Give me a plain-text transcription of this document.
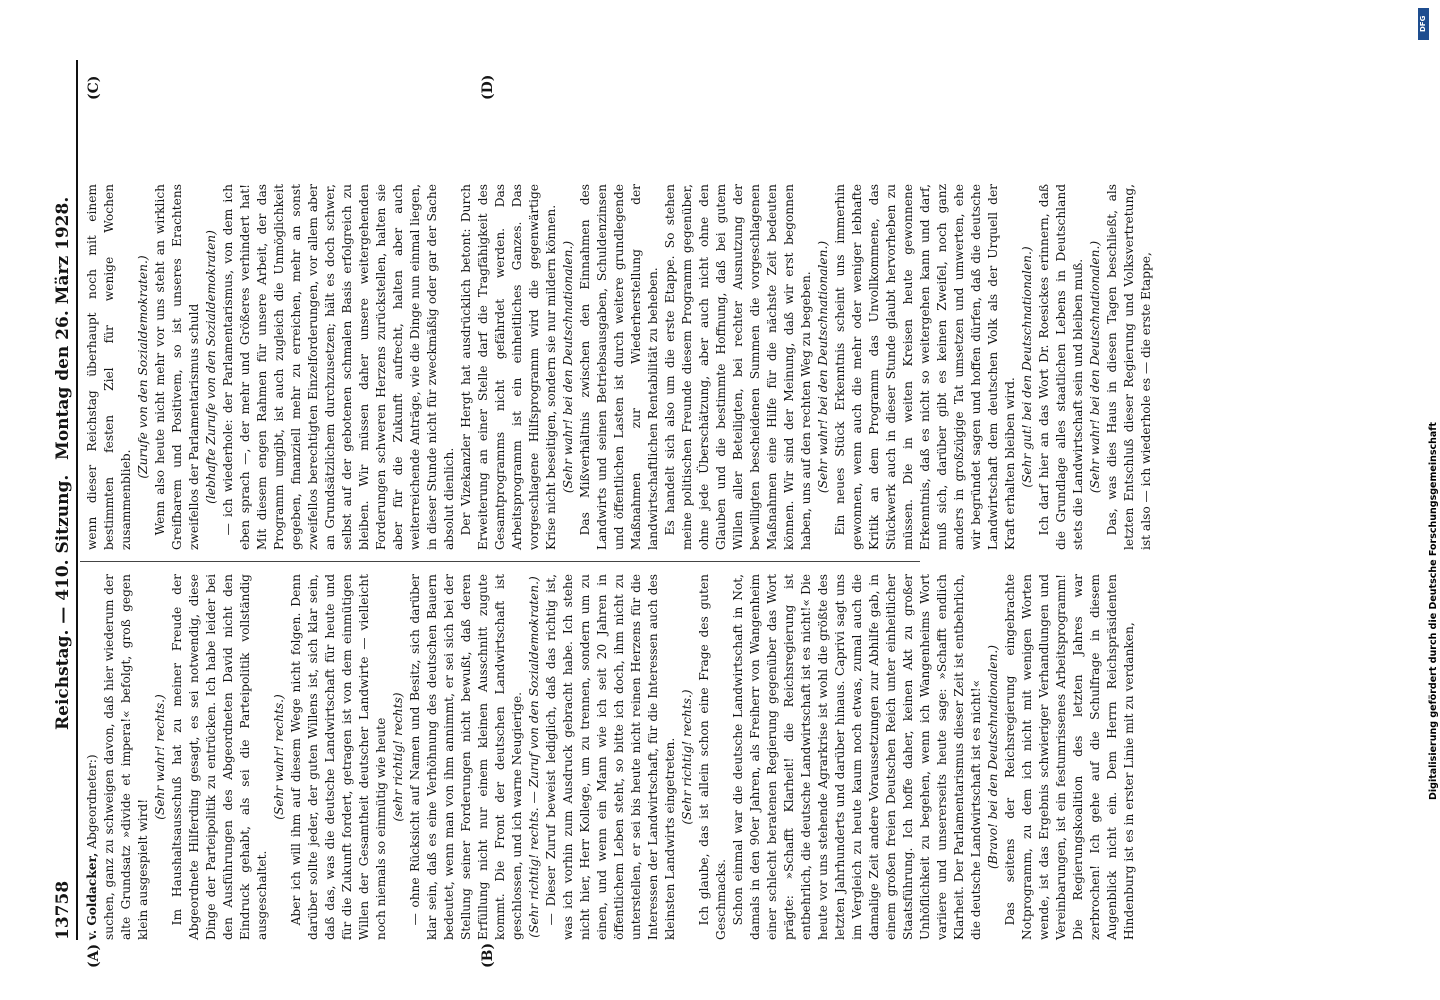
13758
Reichstag. — 410. Sitzung.
Montag den 26. März 1928.
(A)	(B)
(C)	(D)

v. Goldacker, Abgeordneter:) suchen, ganz zu schweigen davon, daß hier wiederum der alte Grundsatz »divide et impera!« befolgt, groß gegen klein ausgespielt wird!

(Sehr wahr! rechts.) Im Haushaltsausschuß hat zu meiner Freude der Abgeordnete Hilferding gesagt, es sei notwendig, diese Dinge der Parteipolitik zu entrücken. Ich habe leider bei den Ausführungen des Abgeordneten David nicht den Eindruck gehabt, als sei die Parteipolitik vollständig ausgeschaltet.

(Sehr wahr! rechts.) Aber ich will ihm auf diesem Wege nicht folgen. Denn darüber sollte jeder, der guten Willens ist, sich klar sein, daß das, was die deutsche Landwirtschaft für heute und für die Zukunft fordert, getragen ist von dem einmütigen Willen der Gesamtheit deutscher Landwirte — vielleicht noch niemals so einmütig wie heute (sehr richtig! rechts) — ohne Rücksicht auf Namen und Besitz, sich darüber klar sein, daß es eine Verhöhnung des deutschen Bauern bedeutet, wenn man von ihm annimmt, er sei sich bei der Stellung seiner Forderungen nicht bewußt, daß deren Erfüllung nicht nur einem kleinen Ausschnitt zugute kommt. Die Front der deutschen Landwirtschaft ist geschlossen, und ich warne Neugierige. (Sehr richtig! rechts. — Zuruf von den Sozialdemokraten.) — Dieser Zuruf beweist lediglich, daß das richtig ist, was ich vorhin zum Ausdruck gebracht habe. Ich stehe nicht hier, Herr Kollege, um zu trennen, sondern um zu einen, und wenn ein Mann wie ich seit 20 Jahren in öffentlichem Leben steht, so bitte ich doch, ihm nicht zu unterstellen, er sei bis heute nicht reinen Herzens für die Interessen der Landwirtschaft, für die Interessen auch des kleinsten Landwirts eingetreten. (Sehr richtig! rechts.) Ich glaube, das ist allein schon eine Frage des guten Geschmacks. Schon einmal war die deutsche Landwirtschaft in Not, damals in den 90er Jahren, als Freiherr von Wangenheim einer schlecht beratenen Regierung gegenüber das Wort prägte: »Schafft Klarheit! die Reichsregierung ist entbehrlich, die deutsche Landwirtschaft ist es nicht!« Die heute vor uns stehende Agrarkrise ist wohl die größte des letzten Jahrhunderts und darüber hinaus. Caprivi sagt uns im Vergleich zu heute kaum noch etwas, zumal auch die damalige Zeit andere Voraussetzungen zur Abhilfe gab, in einem großen freien Deutschen Reich unter einheitlicher Staatsführung. Ich hoffe daher, keinen Akt zu großer Unhöflichkeit zu begehen, wenn ich Wangenheims Wort variiere und unsererseits heute sage: »Schafft endlich Klarheit. Der Parlamentarismus dieser Zeit ist entbehrlich, die deutsche Landwirtschaft ist es nicht!« (Bravo! bei den Deutschnationalen.) Das seitens der Reichsregierung eingebrachte Notprogramm, zu dem ich nicht mit wenigen Worten wende, ist das Ergebnis schwieriger Verhandlungen und Vereinbarungen, ist ein festumrissenes Arbeitsprogramm! Die Regierungskoalition des letzten Jahres war zerbrochen! Ich gehe auf die Schulfrage in diesem Augenblick nicht ein. Dem Herrn Reichspräsidenten Hindenburg ist es in erster Linie mit zu verdanken,

wenn dieser Reichstag überhaupt noch mit einem bestimmten festen Ziel für wenige Wochen zusammenblieb.

(Zurufe von den Sozialdemokraten.) Wenn also heute nicht mehr vor uns steht an wirklich Greifbarem und Positivem, so ist unseres Erachtens zweifellos der Parlamentarismus schuld (lebhafte Zurufe von den Sozialdemokraten) — ich wiederhole: der Parlamentarismus, von dem ich eben sprach —, der mehr und Größeres verhindert hat! Mit diesem engen Rahmen für unsere Arbeit, der das Programm umgibt, ist auch zugleich die Unmöglichkeit gegeben, finanziell mehr zu erreichen, mehr an sonst zweifellos berechtigten Einzelforderungen, vor allem aber an Grundsätzlichem durchzusetzen; hält es doch schwer, selbst auf der gebotenen schmalen Basis erfolgreich zu bleiben. Wir müssen daher unsere weitergehenden Forderungen schweren Herzens zurückstellen, halten sie aber für die Zukunft aufrecht, halten aber auch weiterreichende Anträge, wie die Dinge nun einmal liegen, in dieser Stunde nicht für zweckmäßig oder gar der Sache absolut dienlich. Der Vizekanzler Hergt hat ausdrücklich betont: Durch Erweiterung an einer Stelle darf die Tragfähigkeit des Gesamtprogramms nicht gefährdet werden. Das Arbeitsprogramm ist ein einheitliches Ganzes. Das vorgeschlagene Hilfsprogramm wird die gegenwärtige Krise nicht beseitigen, sondern sie nur mildern können. (Sehr wahr! bei den Deutschnationalen.) Das Mißverhältnis zwischen den Einnahmen des Landwirts und seinen Betriebsausgaben, Schuldenzinsen und öffentlichen Lasten ist durch weitere grundlegende Maßnahmen zur Wiederherstellung der landwirtschaftlichen Rentabilität zu beheben. Es handelt sich also um die erste Etappe. So stehen meine politischen Freunde diesem Programm gegenüber, ohne jede Überschätzung, aber auch nicht ohne den Glauben und die bestimmte Hoffnung, daß bei gutem Willen aller Beteiligten, bei rechter Ausnutzung der bewilligten bescheidenen Summen die vorgeschlagenen Maßnahmen eine Hilfe für die nächste Zeit bedeuten können. Wir sind der Meinung, daß wir erst begonnen haben, uns auf den rechten Weg zu begeben. (Sehr wahr! bei den Deutschnationalen.) Ein neues Stück Erkenntnis scheint uns immerhin gewonnen, wenn auch die mehr oder weniger lebhafte Kritik an dem Programm das Unvollkommene, das Stückwerk auch in dieser Stunde glaubt hervorheben zu müssen. Die in weiten Kreisen heute gewonnene Erkenntnis, daß es nicht so weitergehen kann und darf, muß sich, darüber gibt es keinen Zweifel, noch ganz anders in großzügige Tat umsetzen und umwerten, ehe wir begründet sagen und hoffen dürfen, daß die deutsche Landwirtschaft dem deutschen Volk als der Urquell der Kraft erhalten bleiben wird. (Sehr gut! bei den Deutschnationalen.) Ich darf hier an das Wort Dr. Roesickes erinnern, daß die Grundlage alles staatlichen Lebens in Deutschland stets die Landwirtschaft sein und bleiben muß. (Sehr wahr! bei den Deutschnationalen.) Das, was dies Haus in diesen Tagen beschließt, als letzten Entschluß dieser Regierung und Volksvertretung, ist also — ich wiederhole es — die erste Etappe,

DFG
Digitalisierung gefördert durch die Deutsche Forschungsgemeinschaft
